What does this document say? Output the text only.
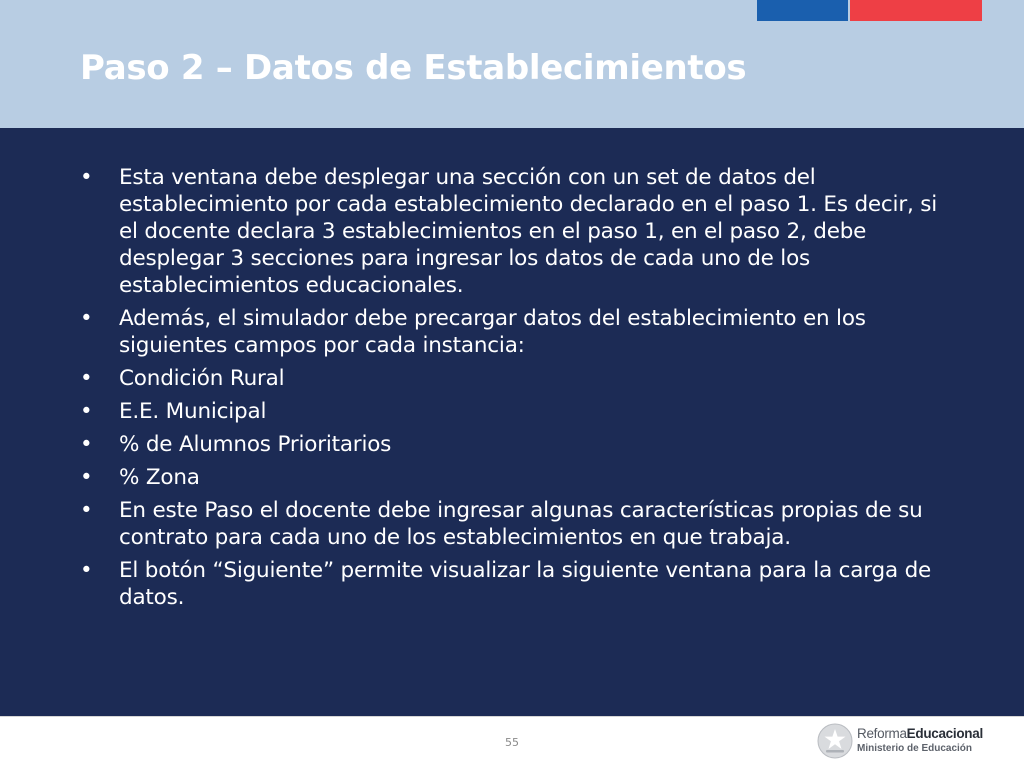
Paso 2 – Datos de Establecimientos
• Esta ventana debe desplegar una sección con un set de datos del establecimiento por cada establecimiento declarado en el paso 1. Es decir, si el docente declara 3 establecimientos en el paso 1, en el paso 2, debe desplegar 3 secciones para ingresar los datos de cada uno de los establecimientos educacionales.
• Además, el simulador debe precargar datos del establecimiento en los siguientes campos por cada instancia:
• Condición Rural
• E.E. Municipal
• % de Alumnos Prioritarios
• % Zona
• En este Paso el docente debe ingresar algunas características propias de su contrato para cada uno de los establecimientos en que trabaja.
• El botón “Siguiente” permite visualizar la siguiente ventana para la carga de datos.
55
ReformaEducacional
Ministerio de Educación
